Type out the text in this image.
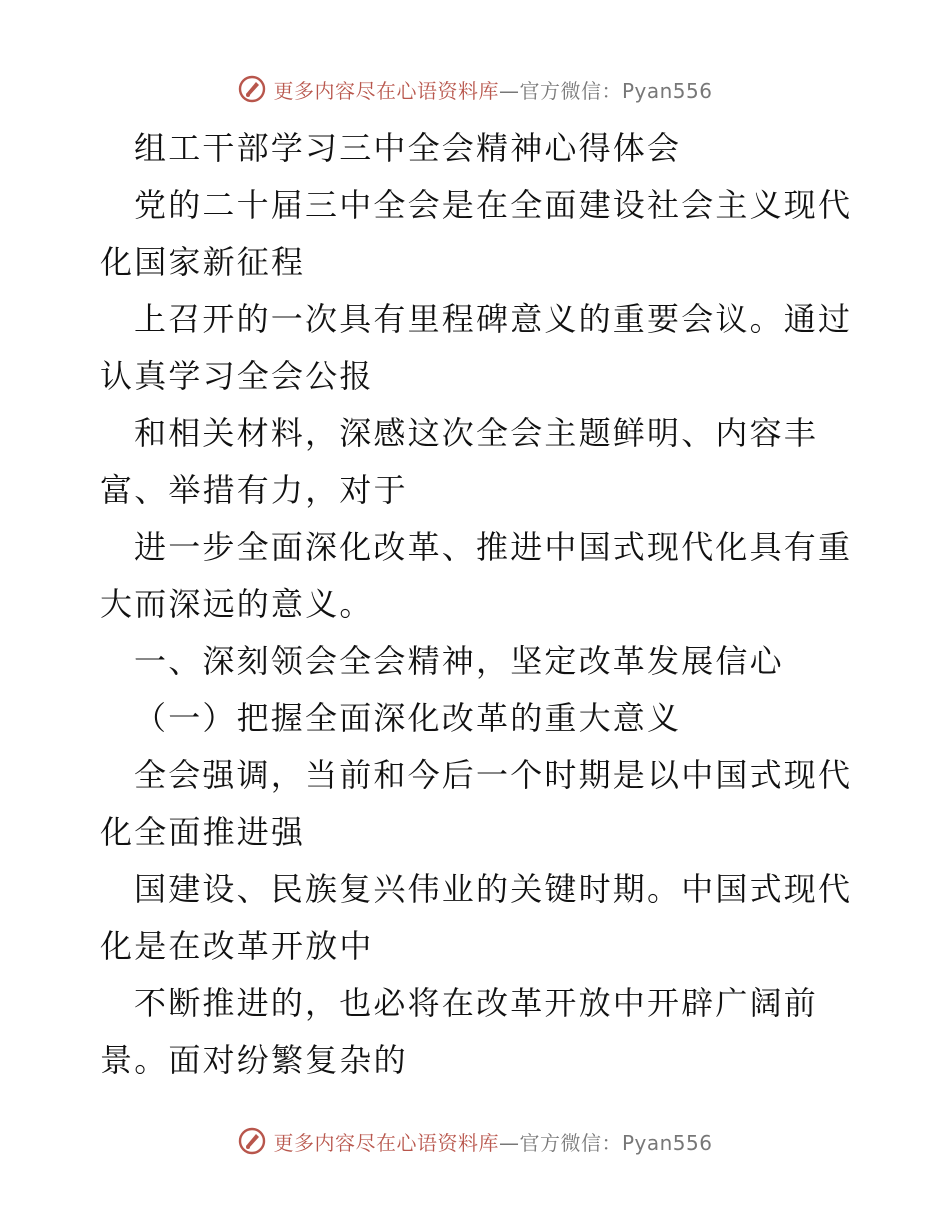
更多内容尽在心语资料库—官方微信：Pyan556

组工干部学习三中全会精神心得体会

党的二十届三中全会是在全面建设社会主义现代

化国家新征程

上召开的一次具有里程碑意义的重要会议。通过

认真学习全会公报

和相关材料，深感这次全会主题鲜明、内容丰

富、举措有力，对于

进一步全面深化改革、推进中国式现代化具有重

大而深远的意义。

一、深刻领会全会精神，坚定改革发展信心

（一）把握全面深化改革的重大意义

全会强调，当前和今后一个时期是以中国式现代

化全面推进强

国建设、民族复兴伟业的关键时期。中国式现代

化是在改革开放中

不断推进的，也必将在改革开放中开辟广阔前

景。面对纷繁复杂的

更多内容尽在心语资料库—官方微信：Pyan556
